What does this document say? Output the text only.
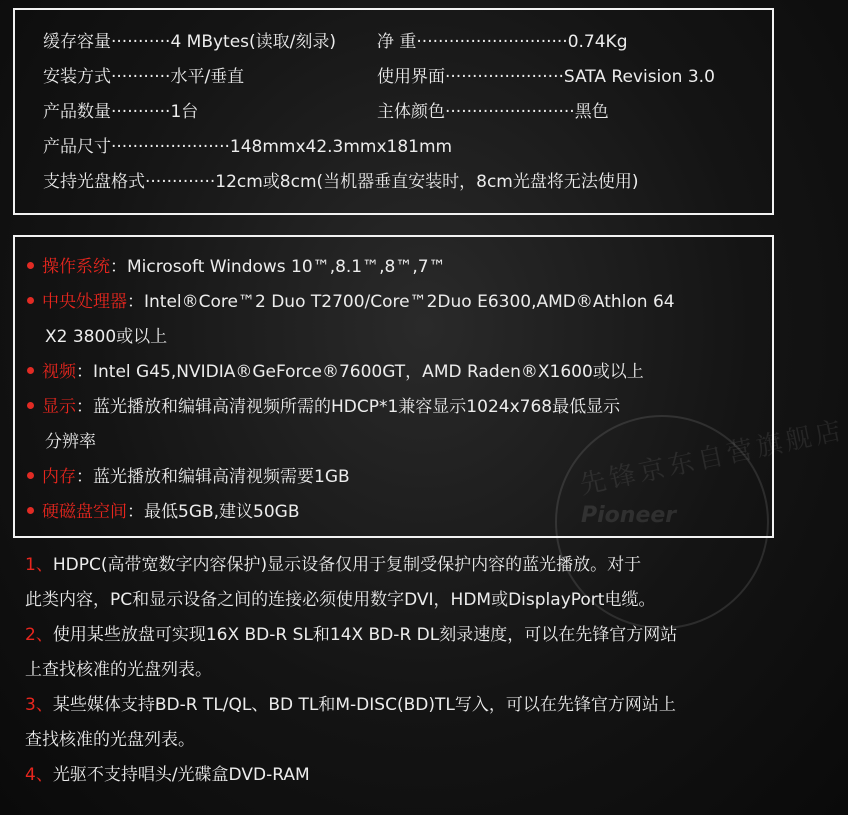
缓存容量···········4 MBytes(读取/刻录) 净 重····························0.74Kg
安装方式···········水平/垂直	使用界面······················SATA Revision 3.0
产品数量···········1台	主体颜色························黑色
产品尺寸······················148mmx42.3mmx181mm
支持光盘格式·············12cm或8cm(当机器垂直安装时，8cm光盘将无法使用)
操作系统：Microsoft Windows 10™,8.1™,8™,7™
中央处理器：Intel®Core™2 Duo T2700/Core™2Duo E6300,AMD®Athlon 64
X2 3800或以上
视频：Intel G45,NVIDIA®GeForce®7600GT，AMD Raden®X1600或以上
显示：蓝光播放和编辑高清视频所需的HDCP*1兼容显示1024x768最低显示
分辨率
内存：蓝光播放和编辑高清视频需要1GB
硬磁盘空间：最低5GB,建议50GB
先锋京东自营旗舰店
Pioneer
1、HDPC(高带宽数字内容保护)显示设备仅用于复制受保护内容的蓝光播放。对于
此类内容，PC和显示设备之间的连接必须使用数字DVI，HDM或DisplayPort电缆。
2、使用某些放盘可实现16X BD-R SL和14X BD-R DL刻录速度，可以在先锋官方网站
上查找核准的光盘列表。
3、某些媒体支持BD-R TL/QL、BD TL和M-DISC(BD)TL写入，可以在先锋官方网站上
查找核准的光盘列表。
4、光驱不支持唱头/光碟盒DVD-RAM
